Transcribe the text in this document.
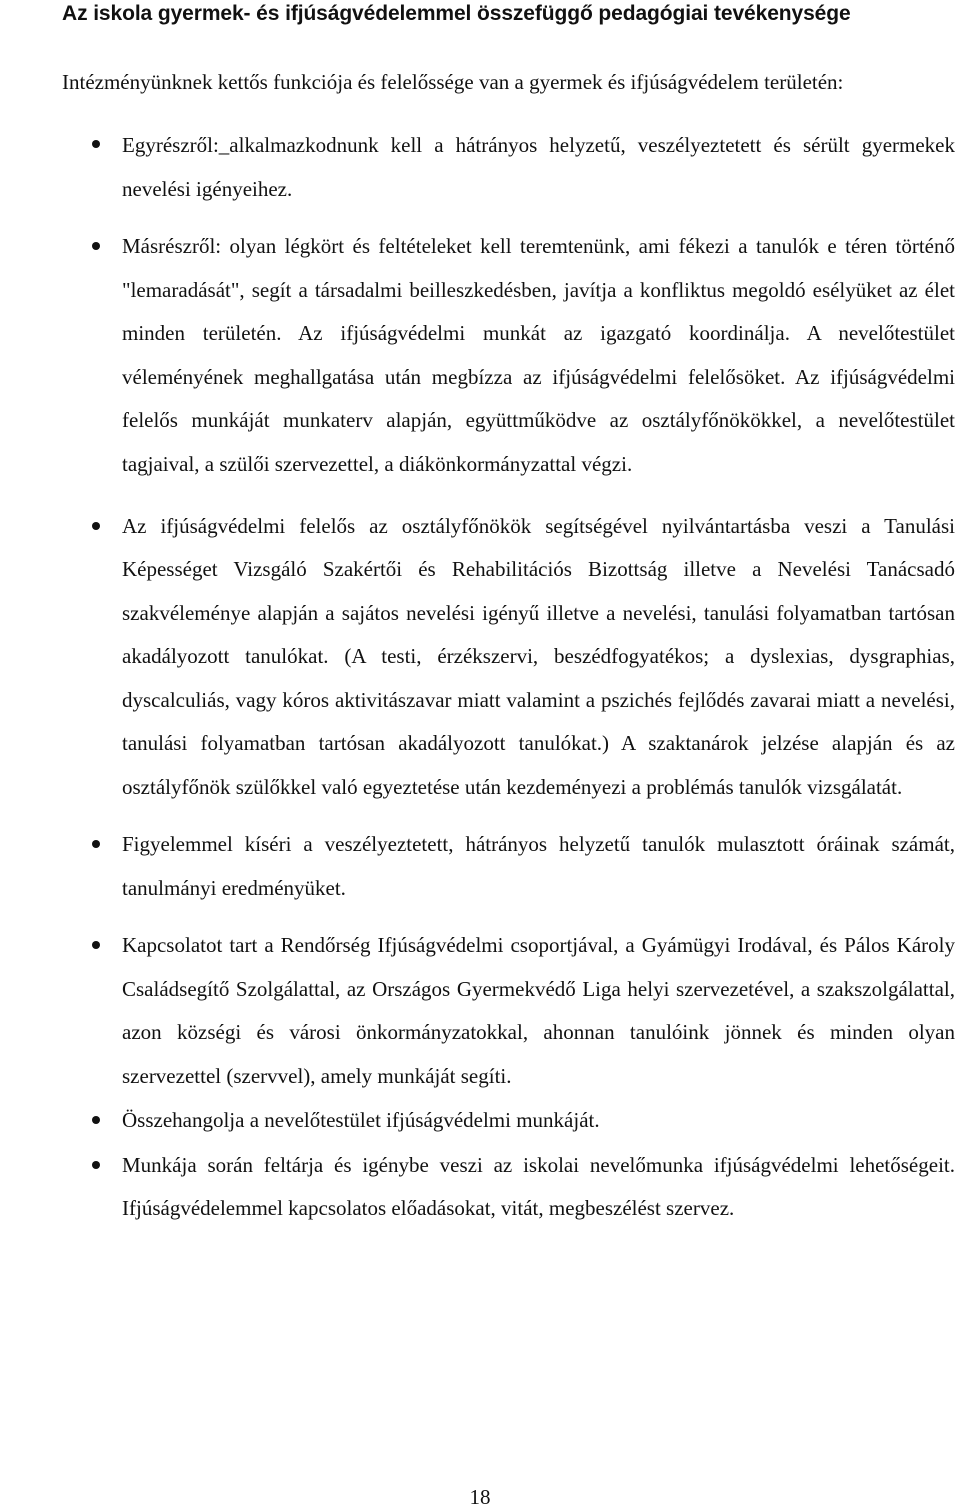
Az iskola gyermek- és ifjúságvédelemmel összefüggő pedagógiai tevékenysége
Intézményünknek kettős funkciója és felelőssége van a gyermek és ifjúságvédelem területén:
Egyrészről:_alkalmazkodnunk kell a hátrányos helyzetű, veszélyeztetett és sérült gyermekek nevelési igényeihez.
Másrészről: olyan légkört és feltételeket kell teremtenünk, ami fékezi a tanulók e téren történő "lemaradását", segít a társadalmi beilleszkedésben, javítja a konfliktus megoldó esélyüket az élet minden területén. Az ifjúságvédelmi munkát az igazgató koordinálja. A nevelőtestület véleményének meghallgatása után megbízza az ifjúságvédelmi felelősöket. Az ifjúságvédelmi felelős munkáját munkaterv alapján, együttműködve az osztályfőnökökkel, a nevelőtestület tagjaival, a szülői szervezettel, a diákönkormányzattal végzi.
Az ifjúságvédelmi felelős az osztályfőnökök segítségével nyilvántartásba veszi a Tanulási Képességet Vizsgáló Szakértői és Rehabilitációs Bizottság illetve a Nevelési Tanácsadó szakvéleménye alapján a sajátos nevelési igényű illetve a nevelési, tanulási folyamatban tartósan akadályozott tanulókat. (A testi, érzékszervi, beszédfogyatékos; a dyslexias, dysgraphias, dyscalculiás, vagy kóros aktivitászavar miatt valamint a pszichés fejlődés zavarai miatt a nevelési, tanulási folyamatban tartósan akadályozott tanulókat.) A szaktanárok jelzése alapján és az osztályfőnök szülőkkel való egyeztetése után kezdeményezi a problémás tanulók vizsgálatát.
Figyelemmel kíséri a veszélyeztetett, hátrányos helyzetű tanulók mulasztott óráinak számát, tanulmányi eredményüket.
Kapcsolatot tart a Rendőrség Ifjúságvédelmi csoportjával, a Gyámügyi Irodával, és Pálos Károly Családsegítő Szolgálattal, az Országos Gyermekvédő Liga helyi szervezetével, a szakszolgálattal, azon községi és városi önkormányzatokkal, ahonnan tanulóink jönnek és minden olyan szervezettel (szervvel), amely munkáját segíti.
Összehangolja a nevelőtestület ifjúságvédelmi munkáját.
Munkája során feltárja és igénybe veszi az iskolai nevelőmunka ifjúságvédelmi lehetőségeit. Ifjúságvédelemmel kapcsolatos előadásokat, vitát, megbeszélést szervez.
18
